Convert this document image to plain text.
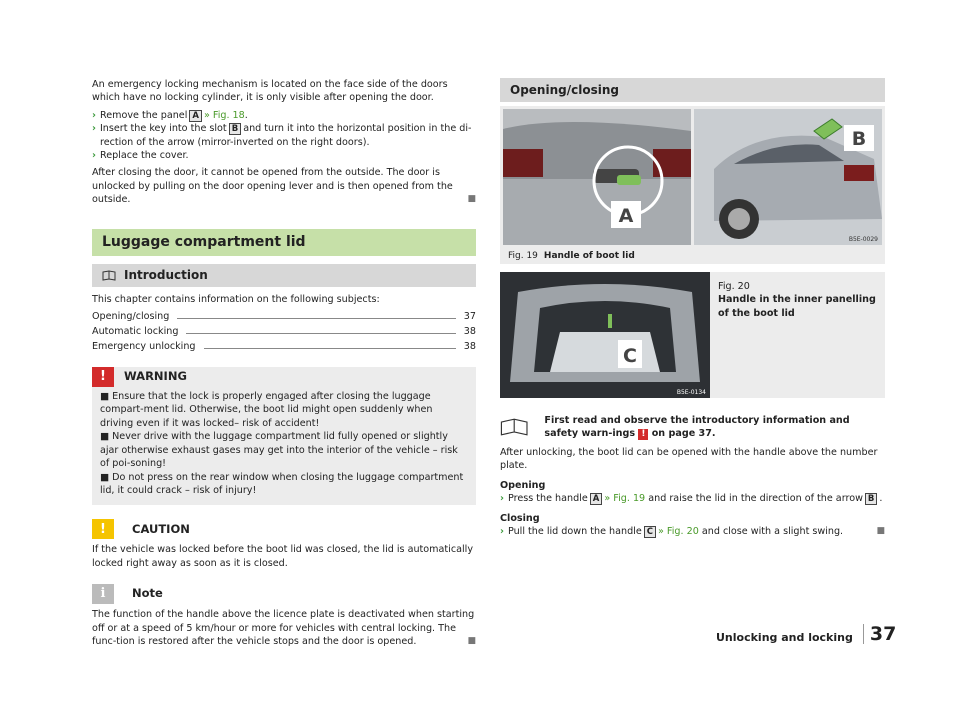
An emergency locking mechanism is located on the face side of the doors which have no locking cylinder, it is only visible after opening the door.

› Remove the panel A » Fig. 18.
› Insert the key into the slot B and turn it into the horizontal position in the di-rection of the arrow (mirror-inverted on the right doors).
› Replace the cover.

After closing the door, it cannot be opened from the outside. The door is unlocked by pulling on the door opening lever and is then opened from the outside.	■

Luggage compartment lid
Introduction

This chapter contains information on the following subjects:

Opening/closing	37
Automatic locking	38
Emergency unlocking	38
!	WARNING
■ Ensure that the lock is properly engaged after closing the luggage compart-ment lid. Otherwise, the boot lid might open suddenly when driving even if it was locked– risk of accident!
■ Never drive with the luggage compartment lid fully opened or slightly ajar otherwise exhaust gases may get into the interior of the vehicle – risk of poi-soning!
■ Do not press on the rear window when closing the luggage compartment lid, it could crack – risk of injury!
!	CAUTION

If the vehicle was locked before the boot lid was closed, the lid is automatically locked right away as soon as it is closed.

i	Note

The function of the handle above the licence plate is deactivated when starting off or at a speed of 5 km/hour or more for vehicles with central locking. The func-tion is restored after the vehicle stops and the door is opened.	■

Opening/closing
A
B
B5E-0029
Fig. 19 Handle of boot lid
C
B5E-0134
Fig. 20
Handle in the inner panelling of the boot lid
First read and observe the introductory information and safety warn-ings ! on page 37.

After unlocking, the boot lid can be opened with the handle above the number plate.

Opening
› Press the handle A » Fig. 19 and raise the lid in the direction of the arrow B .
Closing
› Pull the lid down the handle C » Fig. 20 and close with a slight swing.	■
Unlocking and locking 37
